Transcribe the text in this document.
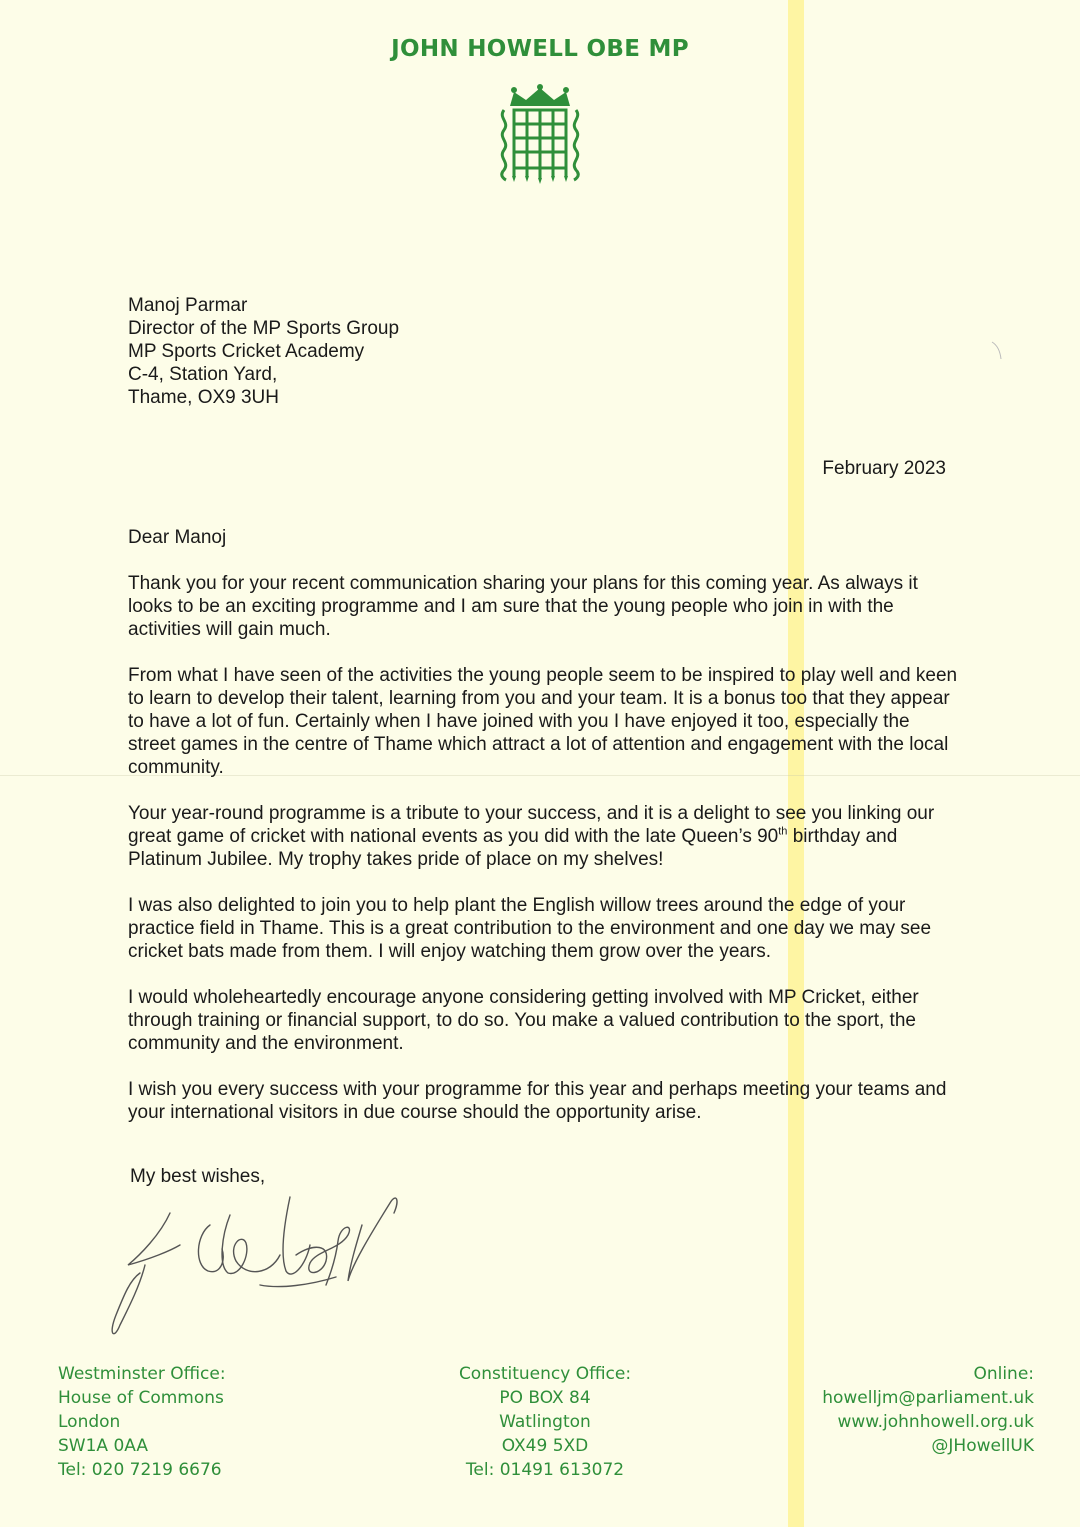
JOHN HOWELL OBE MP
Manoj Parmar
Director of the MP Sports Group
MP Sports Cricket Academy
C-4, Station Yard,
Thame, OX9 3UH
February 2023
Dear Manoj

Thank you for your recent communication sharing your plans for this coming year. As always it looks to be an exciting programme and I am sure that the young people who join in with the activities will gain much.

From what I have seen of the activities the young people seem to be inspired to play well and keen to learn to develop their talent, learning from you and your team. It is a bonus too that they appear to have a lot of fun. Certainly when I have joined with you I have enjoyed it too, especially the street games in the centre of Thame which attract a lot of attention and engagement with the local community.

Your year-round programme is a tribute to your success, and it is a delight to see you linking our great game of cricket with national events as you did with the late Queen’s 90th birthday and Platinum Jubilee. My trophy takes pride of place on my shelves!

I was also delighted to join you to help plant the English willow trees around the edge of your practice field in Thame. This is a great contribution to the environment and one day we may see cricket bats made from them. I will enjoy watching them grow over the years.

I would wholeheartedly encourage anyone considering getting involved with MP Cricket, either through training or financial support, to do so. You make a valued contribution to the sport, the community and the environment.

I wish you every success with your programme for this year and perhaps meeting your teams and your international visitors in due course should the opportunity arise.

My best wishes,
Westminster Office:
House of Commons
London
SW1A 0AA
Tel: 020 7219 6676
Constituency Office:
PO BOX 84
Watlington
OX49 5XD
Tel: 01491 613072
Online:
howelljm@parliament.uk
www.johnhowell.org.uk
@JHowellUK
